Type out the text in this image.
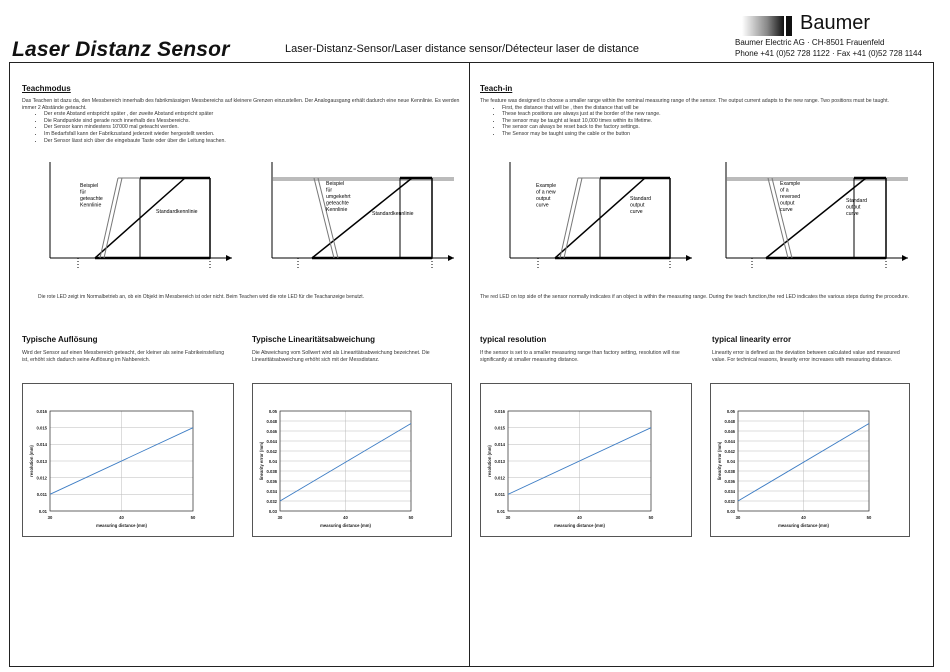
Laser Distanz Sensor	Laser-Distanz-Sensor/Laser distance sensor/Détecteur laser de distance
Baumer
Baumer Electric AG · CH-8501 Frauenfeld
Phone +41 (0)52 728 1122 · Fax +41 (0)52 728 1144
Teachmodus
Das Teachen ist dazu da, den Messbereich innerhalb des fabrikmässigen Messbereichs auf kleinere Grenzen einzustellen. Der Analogausgang erhält dadurch eine neue Kennlinie. Es werden immer 2 Abstände geteacht.
• Der erste Abstand entspricht später , der zweite Abstand entspricht später
• Die Randpunkte sind gerade noch innerhalb des Messbereichs.
• Der Sensor kann mindestens 10'000 mal geteacht werden.
• Im Bedarfsfall kann der Fabrikzustand jederzeit wieder hergestellt werden.
• Der Sensor lässt sich über die eingebaute Taste oder über die Leitung teachen.
Beispiel für geteachte Kennlinie
Standardkennlinie
Beispiel für umgekehrt geteachte Kennlinie
Standardkennlinie
Die rote LED zeigt im Normalbetrieb an, ob ein Objekt im Messbereich ist oder nicht. Beim Teachen wird die rote LED für die Teachanzeige benutzt.
Typische Auflösung
Wird der Sensor auf einen Messbereich geteacht, der kleiner als seine Fabrikeinstellung ist, erhöht sich dadurch seine Auflösung im Nahbereich.
Typische Linearitätsabweichung
Die Abweichung vom Sollwert wird als Linearitätsabweichung bezeichnet. Die Linearitätsabweichung erhöht sich mit der Messdistanz.
Teach-in
The feature was designed to choose a smaller range within the nominal measuring range of the sensor. The output current adapts to the new range. Two positions must be taught.
• First, the distance that will be , then the distance that will be
• These teach positions are always just at the border of the new range.
• The sensor may be taught at least 10,000 times within its lifetime.
• The sensor can always be reset back to the factory settings.
• The Sensor may be taught using the cable or the button
Example of a new output curve
Standard output curve
Example of a reversed output curve
Standard output curve
The red LED on top side of the sensor normally indicates if an object is within the measuring range. During the teach function,the red LED indicates the various steps during the procedure.
typical resolution
If the sensor is set to a smaller measuring range than factory setting, resolution will rise significantly at smaller measuring distance.
typical linearity error
Linearity error is defined as the deviation between calculated value and measured value. For technical reasons, linearity error increases with measuring distance.
0.01
0.011
0.012
0.013
0.014
0.015
0.016
30	40	50
measuring distance (mm)
resolution (mm)
0.03
0.032
0.034
0.036
0.038
0.04
0.042
0.044
0.046
0.048
0.05
30	40	50
measuring distance (mm)
linearity error (mm)
0.01
0.011
0.012
0.013
0.014
0.015
0.016
30	40	50
measuring distance (mm)
resolution (mm)
0.03
0.032
0.034
0.036
0.038
0.04
0.042
0.044
0.046
0.048
0.05
30	40	50
measuring distance (mm)
linearity error (mm)
